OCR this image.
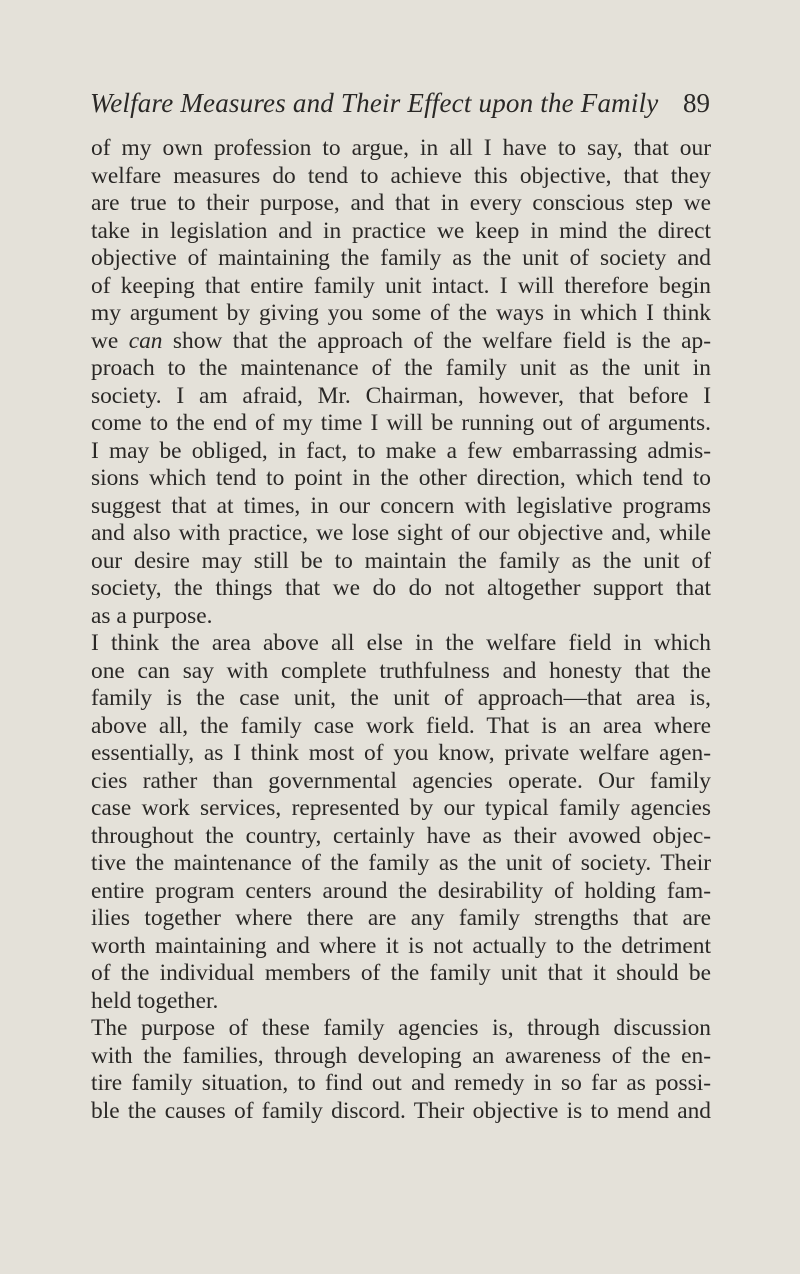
Welfare Measures and Their Effect upon the Family 89
of my own profession to argue, in all I have to say, that our
welfare measures do tend to achieve this objective, that they
are true to their purpose, and that in every conscious step we
take in legislation and in practice we keep in mind the direct
objective of maintaining the family as the unit of society and
of keeping that entire family unit intact. I will therefore begin
my argument by giving you some of the ways in which I think
we can show that the approach of the welfare field is the ap-
proach to the maintenance of the family unit as the unit in
society. I am afraid, Mr. Chairman, however, that before I
come to the end of my time I will be running out of arguments.
I may be obliged, in fact, to make a few embarrassing admis-
sions which tend to point in the other direction, which tend to
suggest that at times, in our concern with legislative programs
and also with practice, we lose sight of our objective and, while
our desire may still be to maintain the family as the unit of
society, the things that we do do not altogether support that
as a purpose.
I think the area above all else in the welfare field in which
one can say with complete truthfulness and honesty that the
family is the case unit, the unit of approach—that area is,
above all, the family case work field. That is an area where
essentially, as I think most of you know, private welfare agen-
cies rather than governmental agencies operate. Our family
case work services, represented by our typical family agencies
throughout the country, certainly have as their avowed objec-
tive the maintenance of the family as the unit of society. Their
entire program centers around the desirability of holding fam-
ilies together where there are any family strengths that are
worth maintaining and where it is not actually to the detriment
of the individual members of the family unit that it should be
held together.
The purpose of these family agencies is, through discussion
with the families, through developing an awareness of the en-
tire family situation, to find out and remedy in so far as possi-
ble the causes of family discord. Their objective is to mend and
